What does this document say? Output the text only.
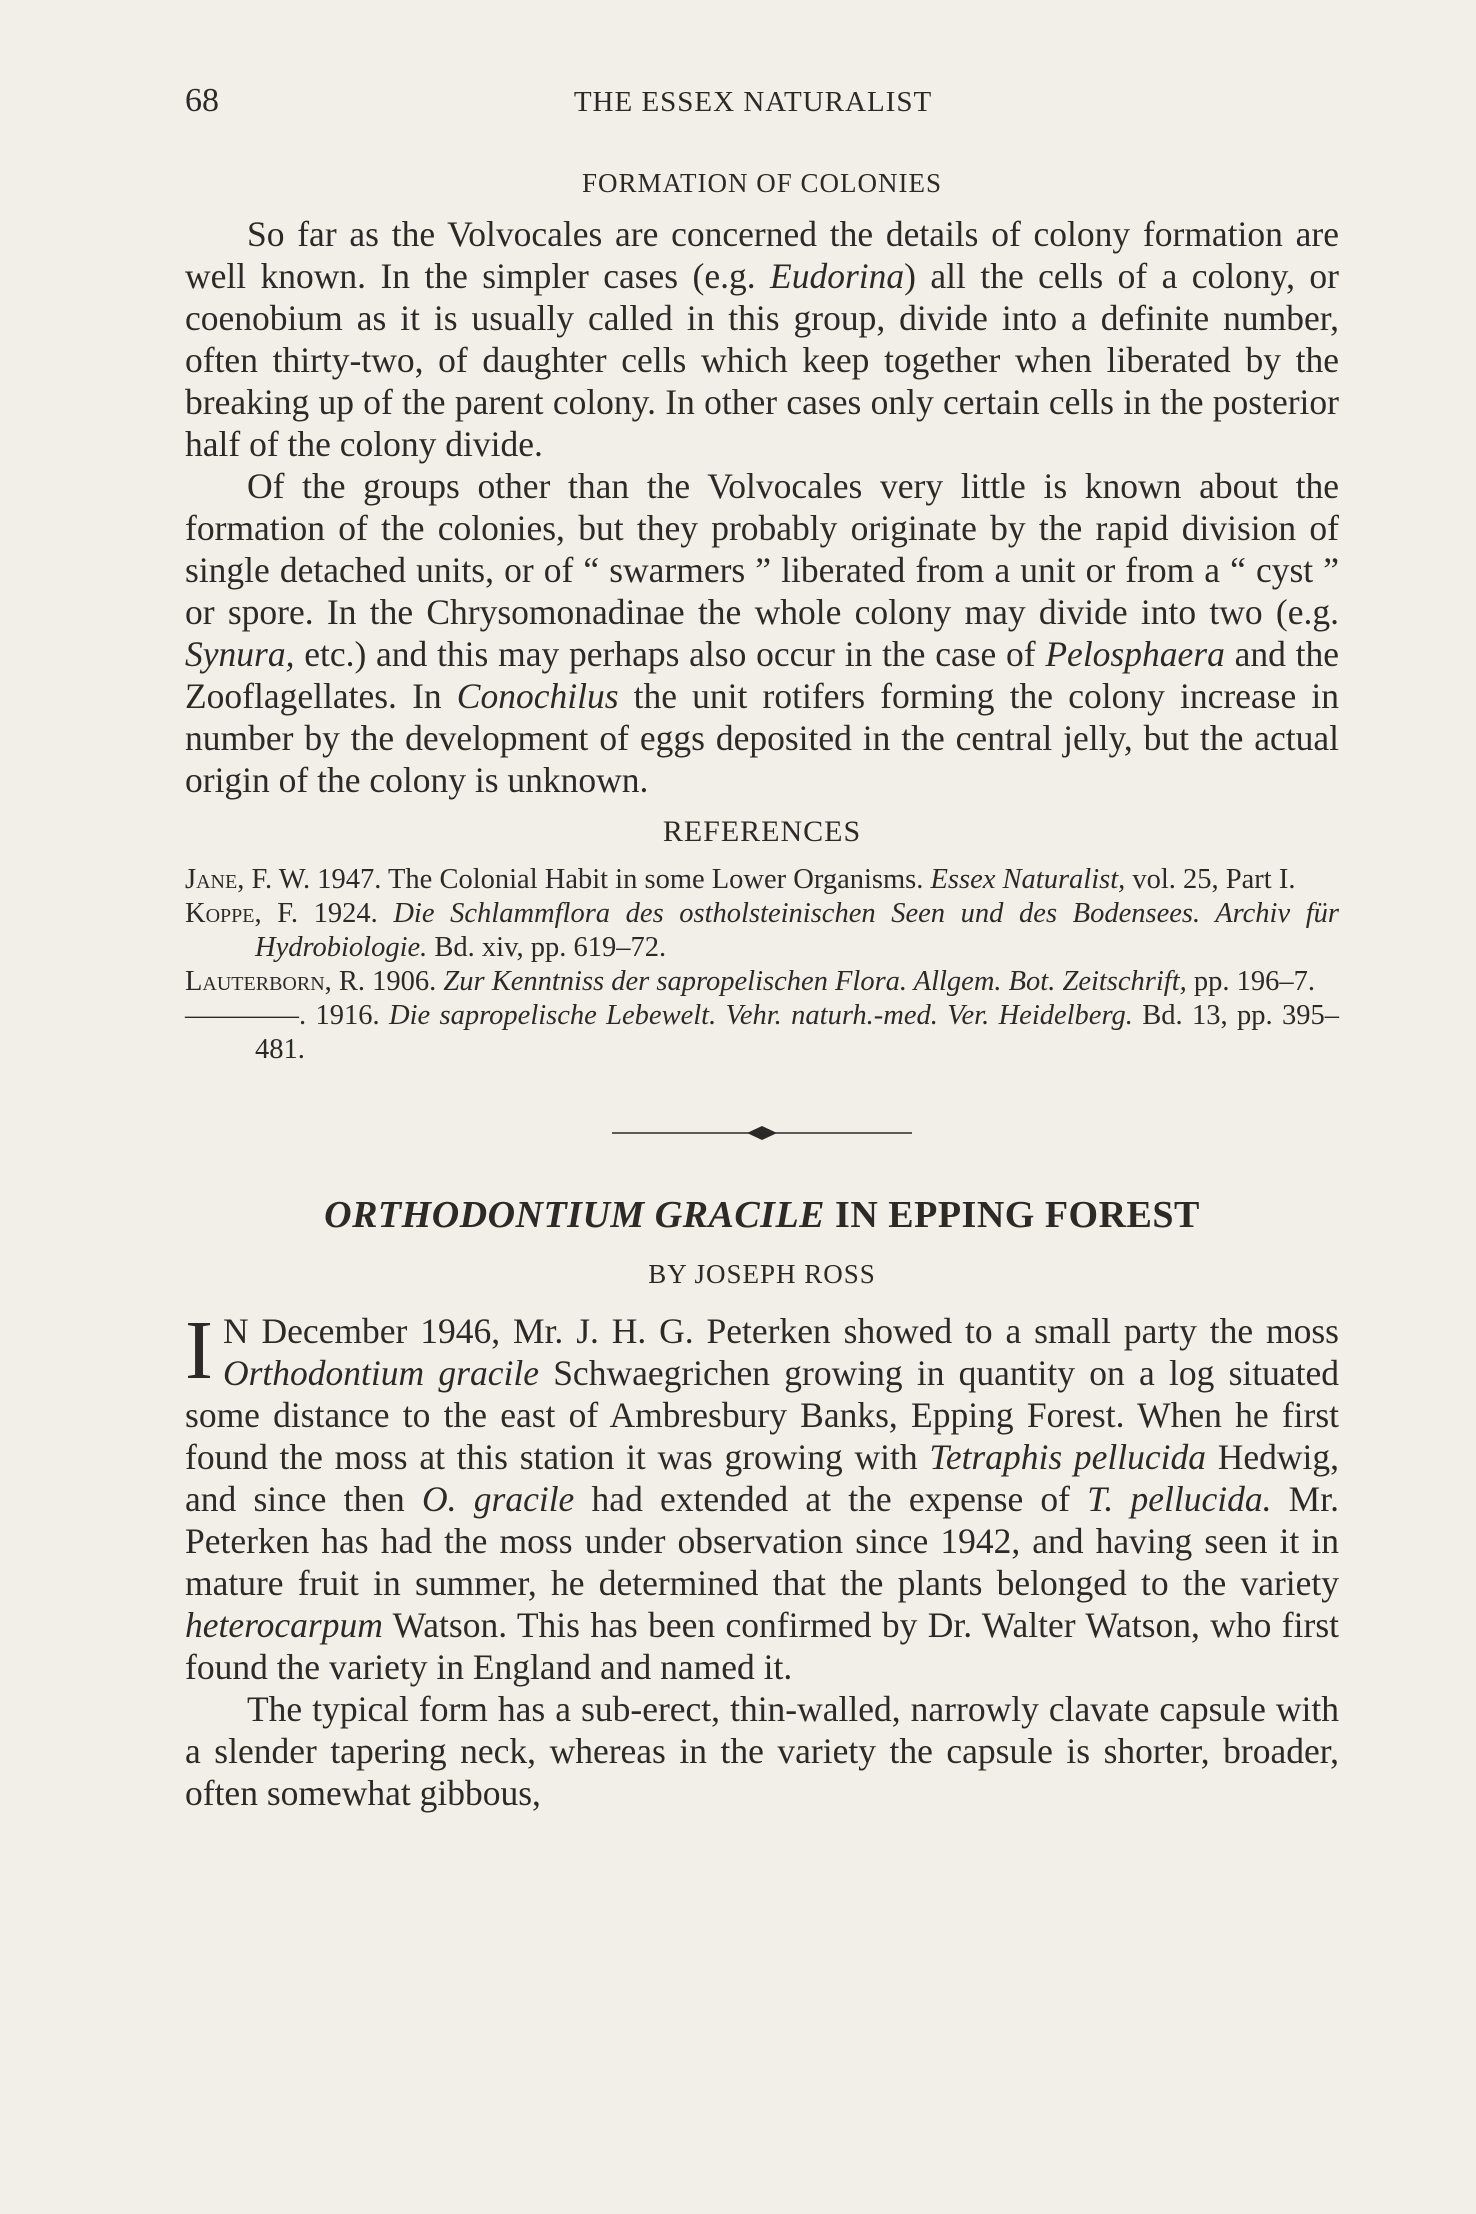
68	THE ESSEX NATURALIST
FORMATION OF COLONIES

So far as the Volvocales are concerned the details of colony formation are well known. In the simpler cases (e.g. Eudorina) all the cells of a colony, or coenobium as it is usually called in this group, divide into a definite number, often thirty-two, of daughter cells which keep together when liberated by the breaking up of the parent colony. In other cases only certain cells in the posterior half of the colony divide.

Of the groups other than the Volvocales very little is known about the formation of the colonies, but they probably originate by the rapid division of single detached units, or of “ swarmers ” liberated from a unit or from a “ cyst ” or spore. In the Chrysomonadinae the whole colony may divide into two (e.g. Synura, etc.) and this may perhaps also occur in the case of Pelosphaera and the Zooflagellates. In Conochilus the unit rotifers forming the colony increase in number by the development of eggs deposited in the central jelly, but the actual origin of the colony is unknown.

REFERENCES
Jane, F. W. 1947. The Colonial Habit in some Lower Organisms. Essex Naturalist, vol. 25, Part I.
Koppe, F. 1924. Die Schlammflora des ostholsteinischen Seen und des Bodensees. Archiv für Hydrobiologie. Bd. xiv, pp. 619–72.
Lauterborn, R. 1906. Zur Kenntniss der sapropelischen Flora. Allgem. Bot. Zeitschrift, pp. 196–7.
————. 1916. Die sapropelische Lebewelt. Vehr. naturh.-med. Ver. Heidelberg. Bd. 13, pp. 395–481.
ORTHODONTIUM GRACILE IN EPPING FOREST
BY JOSEPH ROSS

I N December 1946, Mr. J. H. G. Peterken showed to a small party the moss Orthodontium gracile Schwaegrichen growing in quantity on a log situated some distance to the east of Ambresbury Banks, Epping Forest. When he first found the moss at this station it was growing with Tetraphis pellucida Hedwig, and since then O. gracile had extended at the expense of T. pellucida. Mr. Peterken has had the moss under observation since 1942, and having seen it in mature fruit in summer, he determined that the plants belonged to the variety heterocarpum Watson. This has been confirmed by Dr. Walter Watson, who first found the variety in England and named it.

The typical form has a sub-erect, thin-walled, narrowly clavate capsule with a slender tapering neck, whereas in the variety the capsule is shorter, broader, often somewhat gibbous,
